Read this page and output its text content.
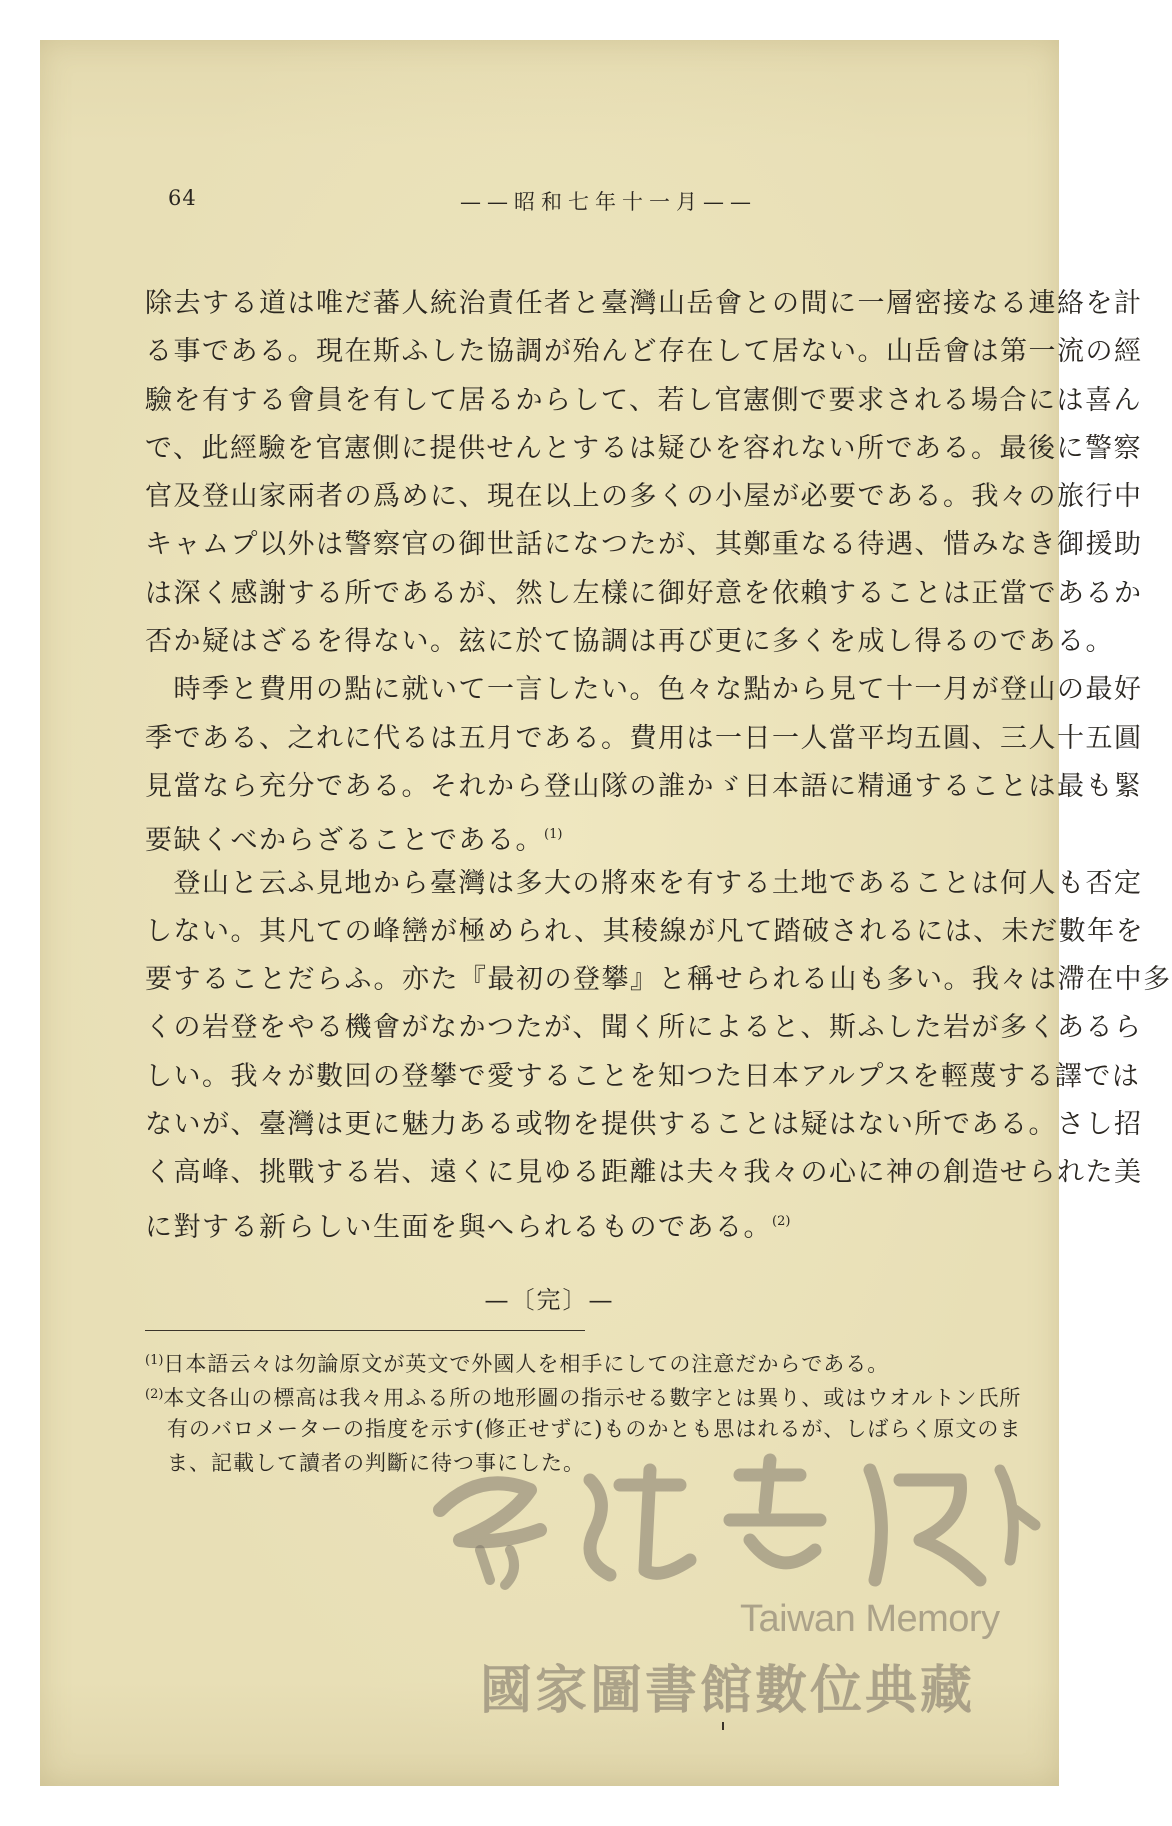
64	——昭和七年十一月——
除去する道は唯だ蕃人統治責任者と臺灣山岳會との間に一層密接なる連絡を計
る事である。現在斯ふした協調が殆んど存在して居ない。山岳會は第一流の經
驗を有する會員を有して居るからして、若し官憲側で要求される場合には喜ん
で、此經驗を官憲側に提供せんとするは疑ひを容れない所である。最後に警察
官及登山家兩者の爲めに、現在以上の多くの小屋が必要である。我々の旅行中
キャムプ以外は警察官の御世話になつたが、其鄭重なる待遇、惜みなき御援助
は深く感謝する所であるが、然し左樣に御好意を依賴することは正當であるか
否か疑はざるを得ない。玆に於て協調は再び更に多くを成し得るのである。
　時季と費用の點に就いて一言したい。色々な點から見て十一月が登山の最好
季である、之れに代るは五月である。費用は一日一人當平均五圓、三人十五圓
見當なら充分である。それから登山隊の誰かゞ日本語に精通することは最も緊
要缺くべからざることである。$^{(1)}$
　登山と云ふ見地から臺灣は多大の將來を有する土地であることは何人も否定
しない。其凡ての峰巒が極められ、其稜線が凡て踏破されるには、未だ數年を
要することだらふ。亦た『最初の登攀』と稱せられる山も多い。我々は滯在中多
くの岩登をやる機會がなかつたが、聞く所によると、斯ふした岩が多くあるら
しい。我々が數回の登攀で愛することを知つた日本アルプスを輕蔑する譯では
ないが、臺灣は更に魅力ある或物を提供することは疑はない所である。さし招
く高峰、挑戰する岩、遠くに見ゆる距離は夫々我々の心に神の創造せられた美
に對する新らしい生面を與へられるものである。$^{(2)}$
—〔完〕—
$^{(1)}$日本語云々は勿論原文が英文で外國人を相手にしての注意だからである。
$^{(2)}$本文各山の標高は我々用ふる所の地形圖の指示せる數字とは異り、或はウオルトン氏所
有のバロメーターの指度を示す(修正せずに)ものかとも思はれるが、しばらく原文のま
ま、記載して讀者の判斷に待つ事にした。
Taiwan Memory
國家圖書館數位典藏
